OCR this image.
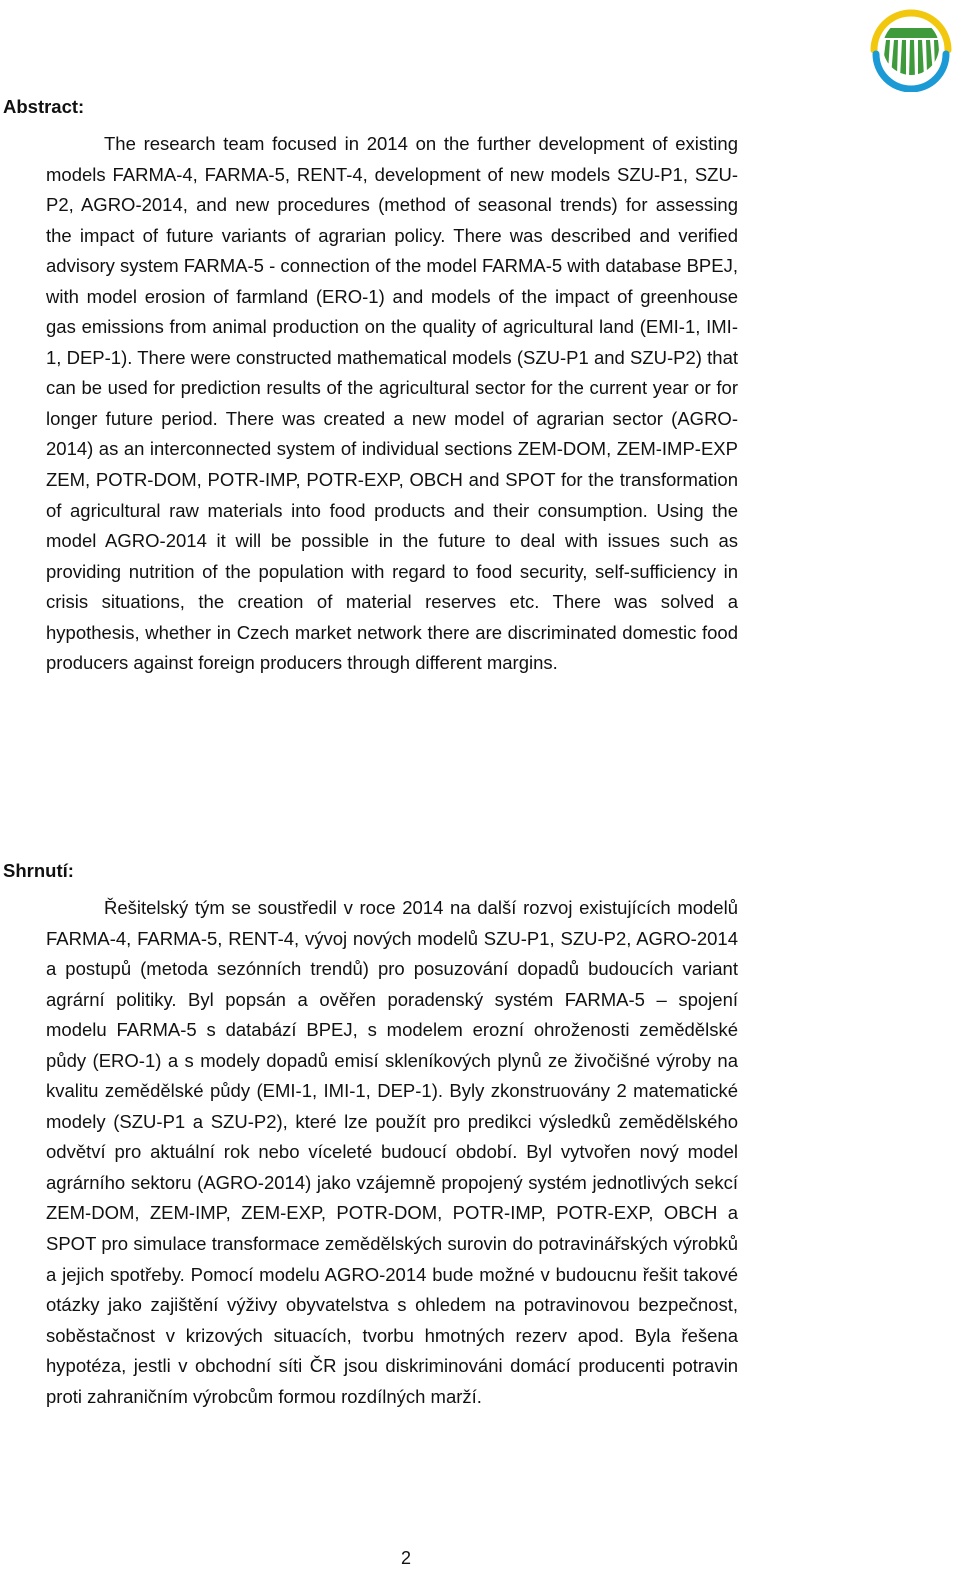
Abstract:

The research team focused in 2014 on the further development of existing models FARMA-4, FARMA-5, RENT-4, development of new models SZU-P1, SZU-P2, AGRO-2014, and new procedures (method of seasonal trends) for assessing the impact of future variants of agrarian policy. There was described and verified advisory system FARMA-5 - connection of the model FARMA-5 with database BPEJ, with model erosion of farmland (ERO-1) and models of the impact of greenhouse gas emissions from animal production on the quality of agricultural land (EMI-1, IMI-1, DEP-1). There were constructed mathematical models (SZU-P1 and SZU-P2) that can be used for prediction results of the agricultural sector for the current year or for longer future period. There was created a new model of agrarian sector (AGRO-2014) as an interconnected system of individual sections ZEM-DOM, ZEM-IMP-EXP ZEM, POTR-DOM, POTR-IMP, POTR-EXP, OBCH and SPOT for the transformation of agricultural raw materials into food products and their consumption. Using the model AGRO-2014 it will be possible in the future to deal with issues such as providing nutrition of the population with regard to food security, self-sufficiency in crisis situations, the creation of material reserves etc. There was solved a hypothesis, whether in Czech market network there are discriminated domestic food producers against foreign producers through different margins.

Shrnutí:

Řešitelský tým se soustředil v roce 2014 na další rozvoj existujících modelů FARMA-4, FARMA-5, RENT-4, vývoj nových modelů SZU-P1, SZU-P2, AGRO-2014 a postupů (metoda sezónních trendů) pro posuzování dopadů budoucích variant agrární politiky. Byl popsán a ověřen poradenský systém FARMA-5 – spojení modelu FARMA-5 s databází BPEJ, s modelem erozní ohroženosti zemědělské půdy (ERO-1) a s modely dopadů emisí skleníkových plynů ze živočišné výroby na kvalitu zemědělské půdy (EMI-1, IMI-1, DEP-1). Byly zkonstruovány 2 matematické modely (SZU-P1 a SZU-P2), které lze použít pro predikci výsledků zemědělského odvětví pro aktuální rok nebo víceleté budoucí období. Byl vytvořen nový model agrárního sektoru (AGRO-2014) jako vzájemně propojený systém jednotlivých sekcí ZEM-DOM, ZEM-IMP, ZEM-EXP, POTR-DOM, POTR-IMP, POTR-EXP, OBCH a SPOT pro simulace transformace zemědělských surovin do potravinářských výrobků a jejich spotřeby. Pomocí modelu AGRO-2014 bude možné v budoucnu řešit takové otázky jako zajištění výživy obyvatelstva s ohledem na potravinovou bezpečnost, soběstačnost v krizových situacích, tvorbu hmotných rezerv apod. Byla řešena hypotéza, jestli v obchodní síti ČR jsou diskriminováni domácí producenti potravin proti zahraničním výrobcům formou rozdílných marží.

2
